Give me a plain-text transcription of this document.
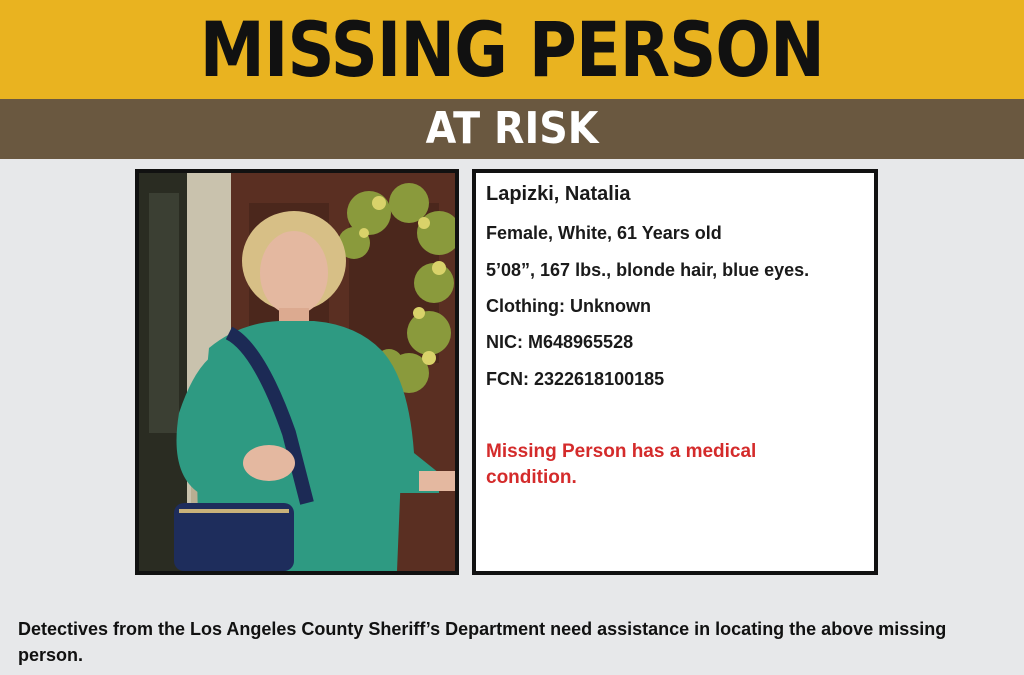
MISSING PERSON
AT RISK
Lapizki, Natalia
Female, White, 61 Years old
5’08”, 167 lbs., blonde hair, blue eyes.
Clothing: Unknown
NIC: M648965528
FCN: 2322618100185
Missing Person has a medical condition.
Detectives from the Los Angeles County Sheriff’s Department need assistance in locating the above missing person.
